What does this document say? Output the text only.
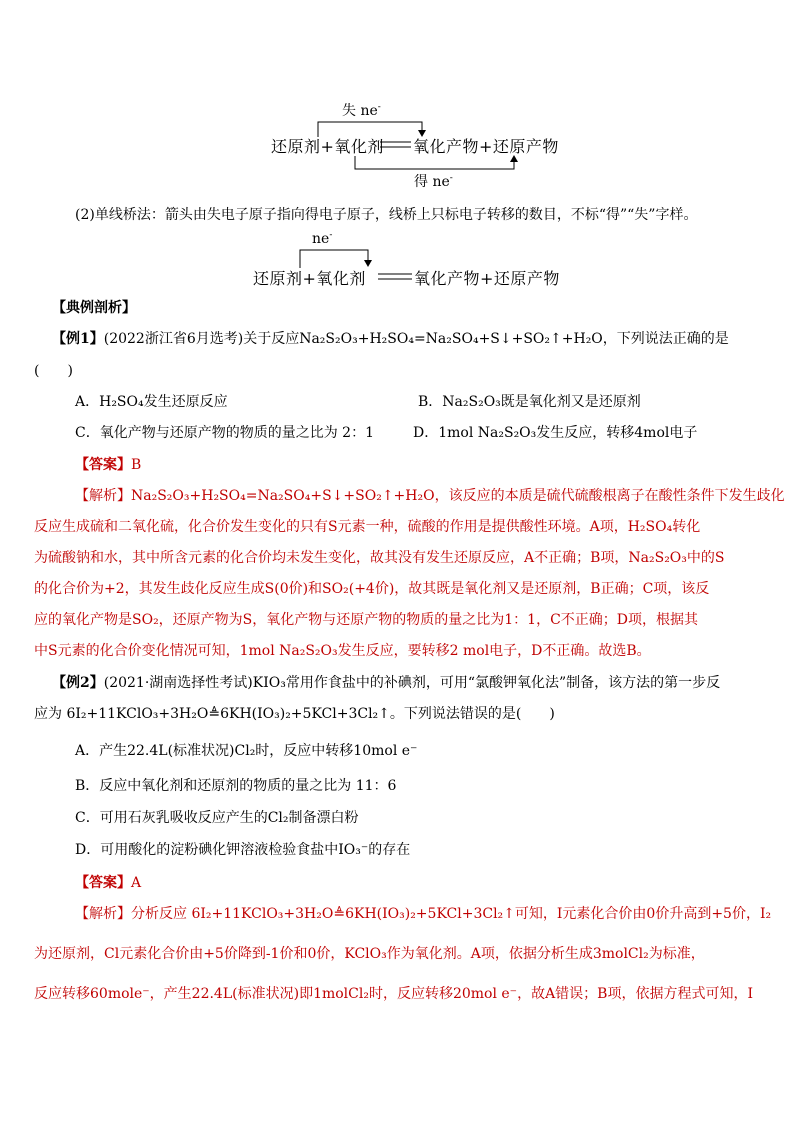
失 ne-
还原剂+氧化剂 氧化产物+还原产物
得 ne-
(2)单线桥法：箭头由失电子原子指向得电子原子，线桥上只标电子转移的数目，不标“得”“失”字样。
ne-
还原剂+氧化剂	氧化产物+还原产物
【典例剖析】
【例1】(2022浙江省6月选考)关于反应Na₂S₂O₃+H₂SO₄=Na₂SO₄+S↓+SO₂↑+H₂O，下列说法正确的是
(　　)
A．H₂SO₄发生还原反应	B．Na₂S₂O₃既是氧化剂又是还原剂
C．氧化产物与还原产物的物质的量之比为 2：1	D．1mol Na₂S₂O₃发生反应，转移4mol电子
【答案】B
【解析】Na₂S₂O₃+H₂SO₄=Na₂SO₄+S↓+SO₂↑+H₂O，该反应的本质是硫代硫酸根离子在酸性条件下发生歧化
反应生成硫和二氧化硫，化合价发生变化的只有S元素一种，硫酸的作用是提供酸性环境。A项，H₂SO₄转化
为硫酸钠和水，其中所含元素的化合价均未发生变化，故其没有发生还原反应，A不正确；B项，Na₂S₂O₃中的S
的化合价为+2，其发生歧化反应生成S(0价)和SO₂(+4价)，故其既是氧化剂又是还原剂，B正确；C项，该反
应的氧化产物是SO₂，还原产物为S，氧化产物与还原产物的物质的量之比为1：1，C不正确；D项，根据其
中S元素的化合价变化情况可知，1mol Na₂S₂O₃发生反应，要转移2 mol电子，D不正确。故选B。
【例2】(2021·湖南选择性考试)KIO₃常用作食盐中的补碘剂，可用“氯酸钾氧化法”制备，该方法的第一步反
应为 6I₂+11KClO₃+3H₂O≜6KH(IO₃)₂+5KCl+3Cl₂↑。下列说法错误的是(　　)
A．产生22.4L(标准状况)Cl₂时，反应中转移10mol e⁻
B．反应中氧化剂和还原剂的物质的量之比为 11：6
C．可用石灰乳吸收反应产生的Cl₂制备漂白粉
D．可用酸化的淀粉碘化钾溶液检验食盐中IO₃⁻的存在
【答案】A
【解析】分析反应 6I₂+11KClO₃+3H₂O≜6KH(IO₃)₂+5KCl+3Cl₂↑可知，I元素化合价由0价升高到+5价，I₂
为还原剂，Cl元素化合价由+5价降到-1价和0价，KClO₃作为氧化剂。A项，依据分析生成3molCl₂为标准，
反应转移60mole⁻，产生22.4L(标准状况)即1molCl₂时，反应转移20mol e⁻，故A错误；B项，依据方程式可知，I
